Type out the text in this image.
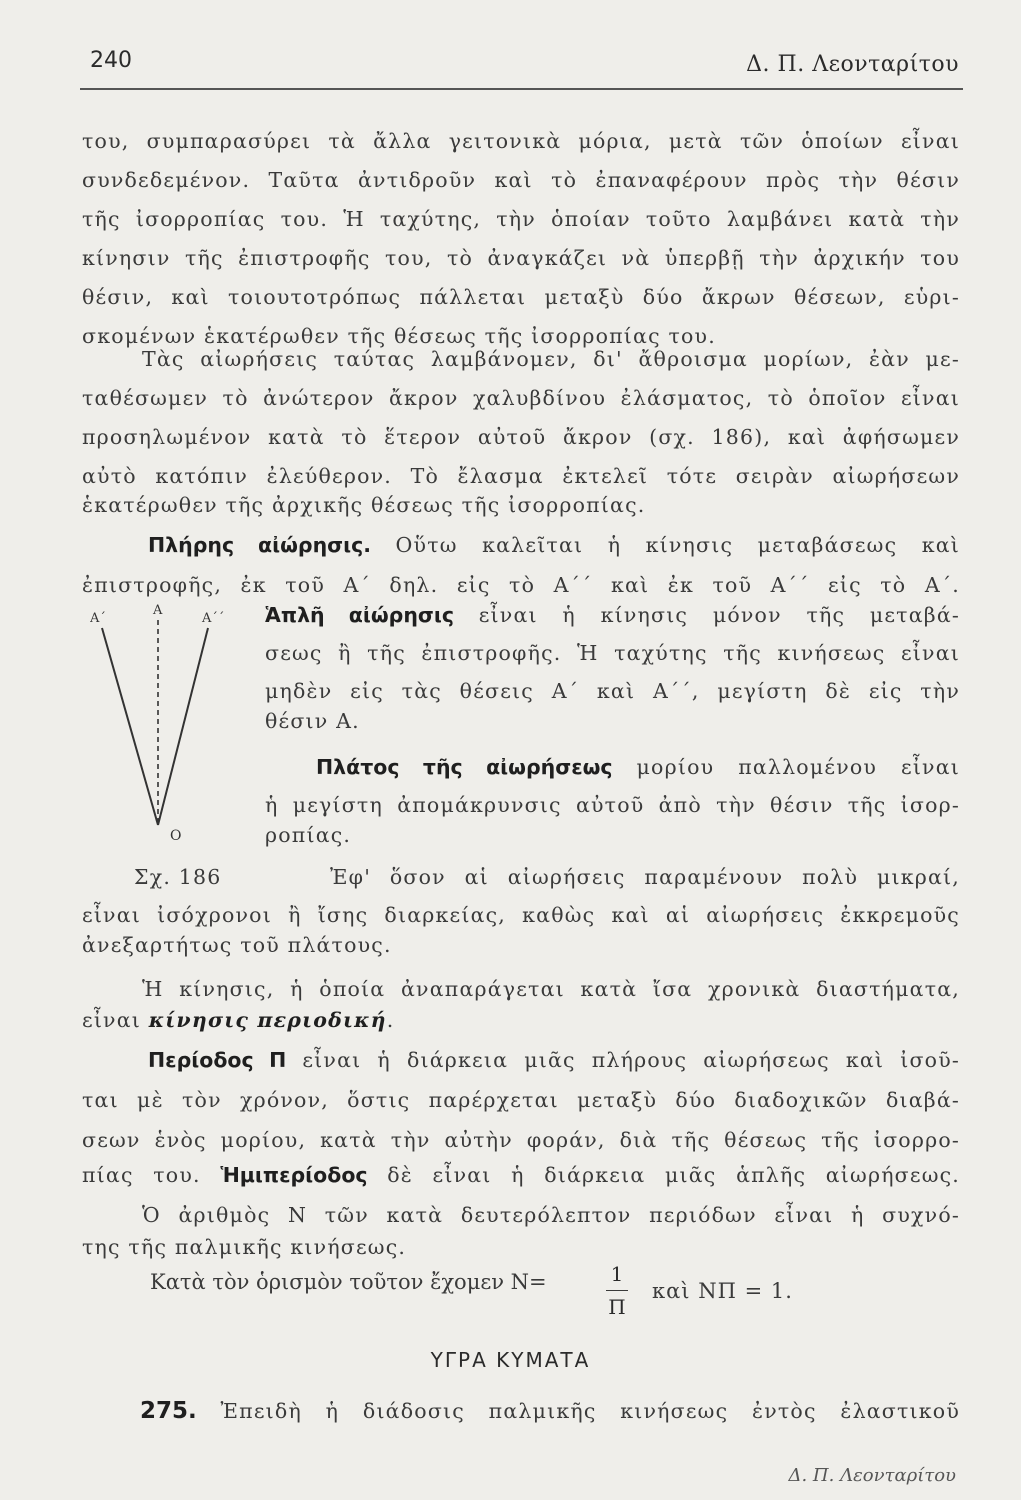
240	Δ. Π. Λεονταρίτου
του, συμπαρασύρει τὰ ἄλλα γειτονικὰ μόρια, μετὰ τῶν ὁποίων εἶναι
συνδεδεμένον. Ταῦτα ἀντιδροῦν καὶ τὸ ἐπαναφέρουν πρὸς τὴν θέσιν
τῆς ἰσορροπίας του. Ἡ ταχύτης, τὴν ὁποίαν τοῦτο λαμβάνει κατὰ τὴν
κίνησιν τῆς ἐπιστροφῆς του, τὸ ἀναγκάζει νὰ ὑπερβῇ τὴν ἀρχικήν του
θέσιν, καὶ τοιουτοτρόπως πάλλεται μεταξὺ δύο ἄκρων θέσεων, εὑρι-
σκομένων ἑκατέρωθεν τῆς θέσεως τῆς ἰσορροπίας του.
Τὰς αἰωρήσεις ταύτας λαμβάνομεν, δι' ἄθροισμα μορίων, ἐὰν με-
ταθέσωμεν τὸ ἀνώτερον ἄκρον χαλυβδίνου ἐλάσματος, τὸ ὁποῖον εἶναι
προσηλωμένον κατὰ τὸ ἕτερον αὐτοῦ ἄκρον (σχ. 186), καὶ ἀφήσωμεν
αὐτὸ κατόπιν ἐλεύθερον. Τὸ ἔλασμα ἐκτελεῖ τότε σειρὰν αἰωρήσεων
ἑκατέρωθεν τῆς ἀρχικῆς θέσεως τῆς ἰσορροπίας.
Πλήρης αἰώρησις. Οὕτω καλεῖται ἡ κίνησις μεταβάσεως καὶ
ἐπιστροφῆς, ἐκ τοῦ Α΄ δηλ. εἰς τὸ Α΄΄ καὶ ἐκ τοῦ Α΄΄ εἰς τὸ Α΄.
Α΄
Α
Α΄΄
Ο
Ἁπλῆ αἰώρησις εἶναι ἡ κίνησις μόνον τῆς μεταβά-
σεως ἢ τῆς ἐπιστροφῆς. Ἡ ταχύτης τῆς κινήσεως εἶναι
μηδὲν εἰς τὰς θέσεις Α΄ καὶ Α΄΄, μεγίστη δὲ εἰς τὴν
θέσιν Α.
Πλάτος τῆς αἰωρήσεως μορίου παλλομένου εἶναι
ἡ μεγίστη ἀπομάκρυνσις αὐτοῦ ἀπὸ τὴν θέσιν τῆς ἰσορ-
ροπίας.
Σχ. 186	Ἐφ' ὅσον αἱ αἰωρήσεις παραμένουν πολὺ μικραί,
εἶναι ἰσόχρονοι ἢ ἴσης διαρκείας, καθὼς καὶ αἱ αἰωρήσεις ἐκκρεμοῦς
ἀνεξαρτήτως τοῦ πλάτους.
Ἡ κίνησις, ἡ ὁποία ἀναπαράγεται κατὰ ἴσα χρονικὰ διαστήματα,
εἶναι κίνησις περιοδική.
Περίοδος Π εἶναι ἡ διάρκεια μιᾶς πλήρους αἰωρήσεως καὶ ἰσοῦ-
ται μὲ τὸν χρόνον, ὅστις παρέρχεται μεταξὺ δύο διαδοχικῶν διαβά-
σεων ἑνὸς μορίου, κατὰ τὴν αὐτὴν φοράν, διὰ τῆς θέσεως τῆς ἰσορρο-
πίας του. Ἡμιπερίοδος δὲ εἶναι ἡ διάρκεια μιᾶς ἁπλῆς αἰωρήσεως.
Ὁ ἀριθμὸς Ν τῶν κατὰ δευτερόλεπτον περιόδων εἶναι ἡ συχνό-
της τῆς παλμικῆς κινήσεως.
Κατὰ τὸν ὁρισμὸν τοῦτον ἔχομεν Ν=	1
Π
καὶ ΝΠ = 1.
ΥΓΡΑ ΚΥΜΑΤΑ
275. Ἐπειδὴ ἡ διάδοσις παλμικῆς κινήσεως ἐντὸς ἐλαστικοῦ
Δ. Π. Λεονταρίτου
